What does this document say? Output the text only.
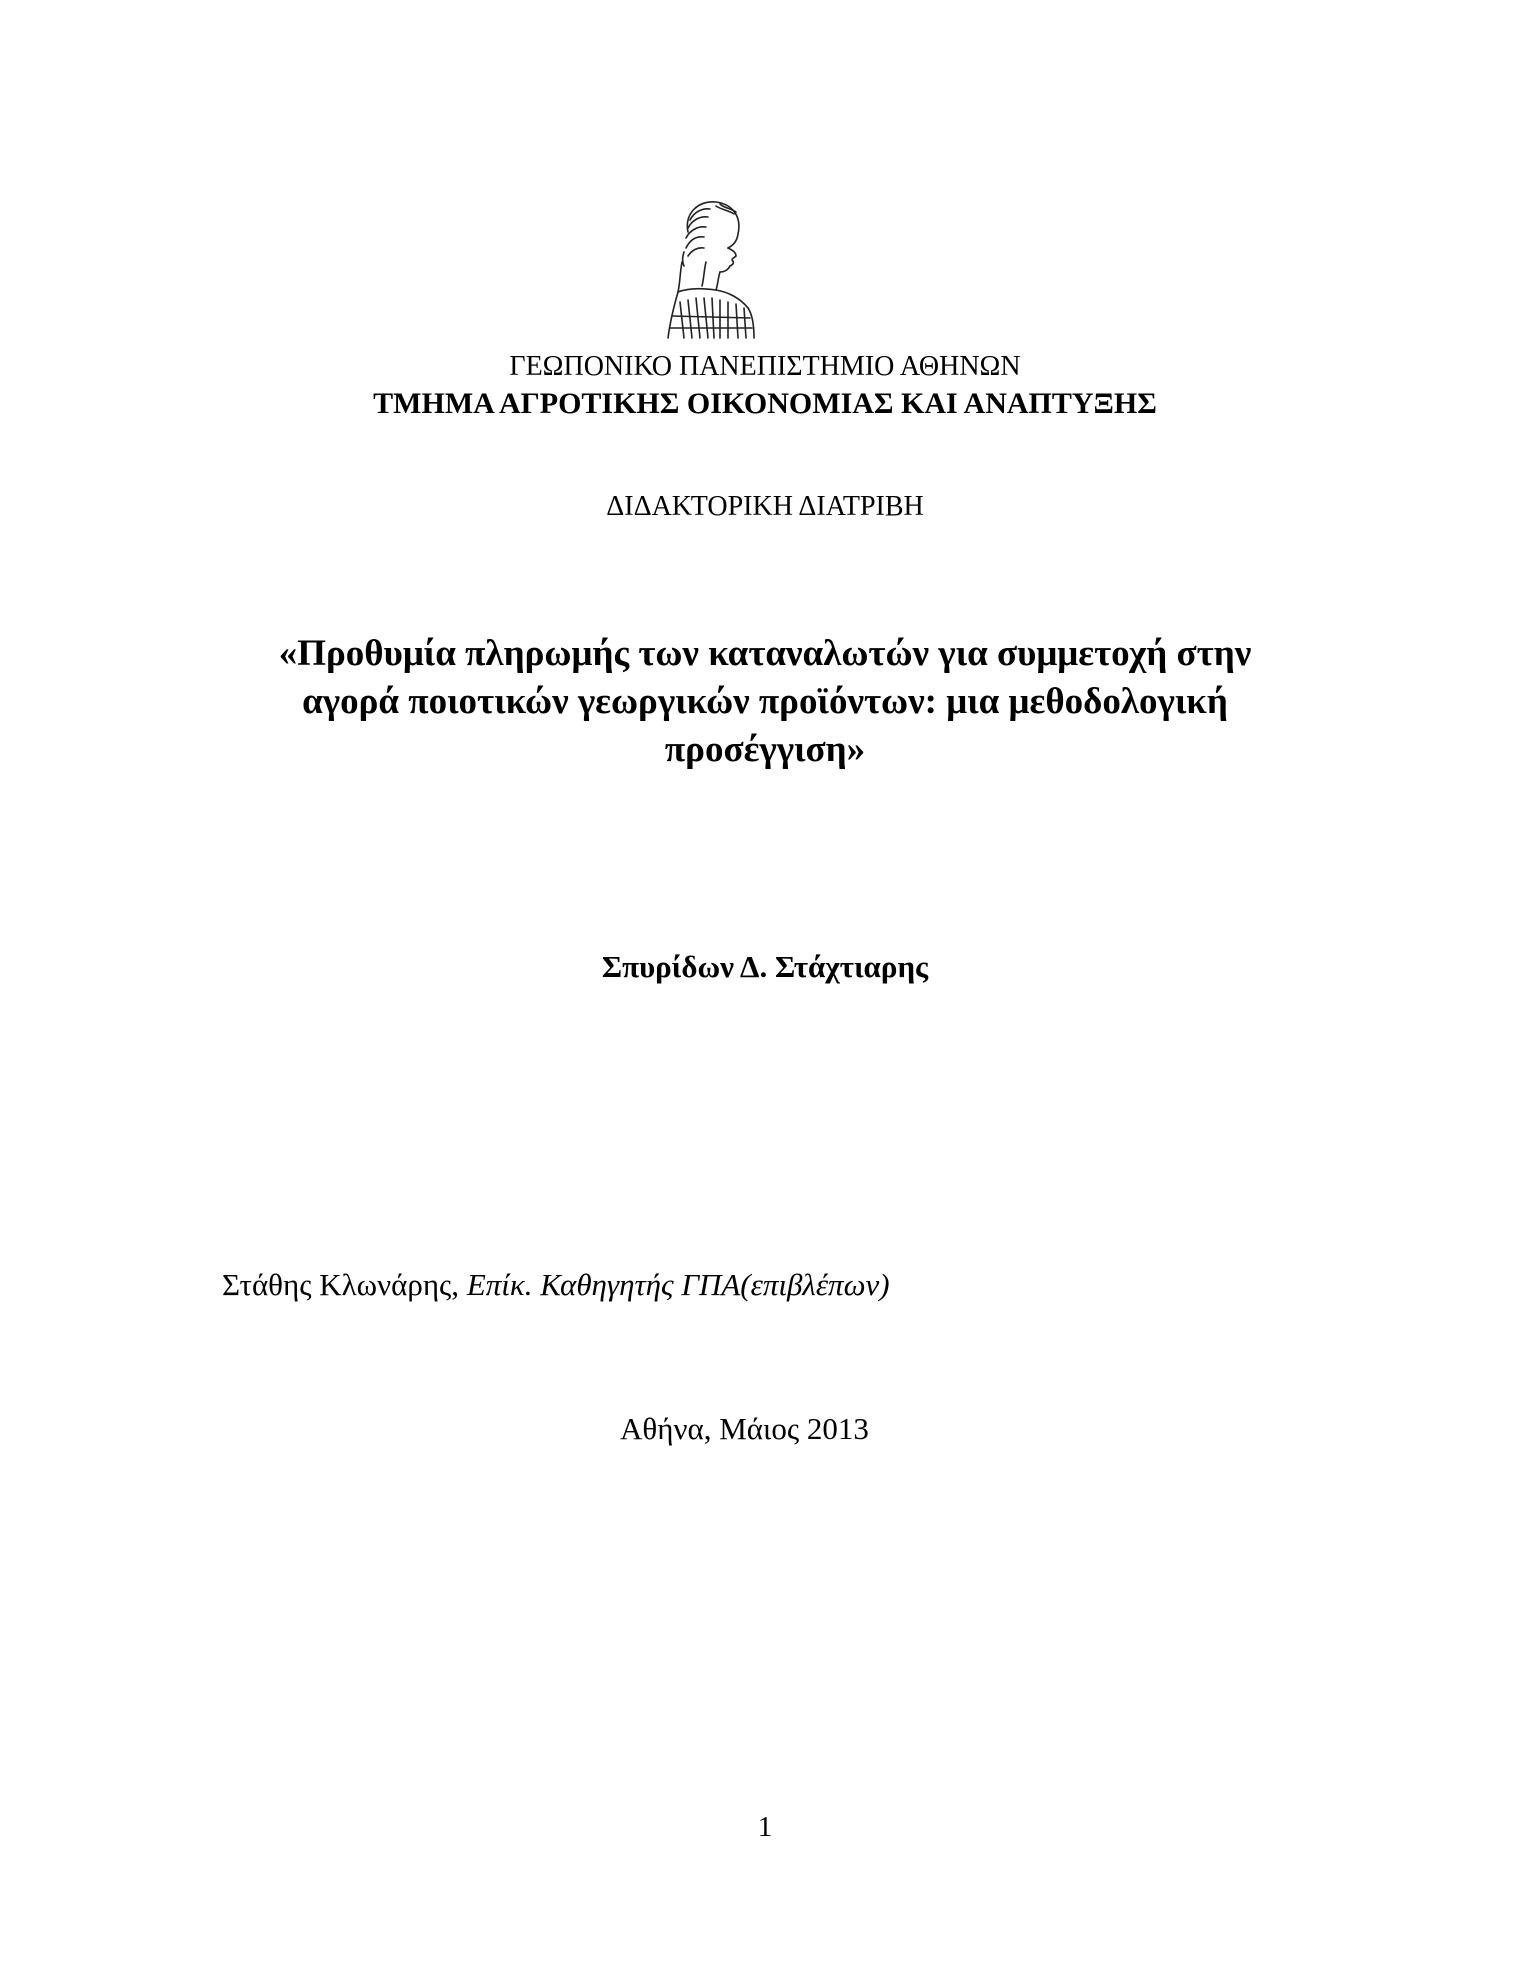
ΓΕΩΠΟΝΙΚΟ ΠΑΝΕΠΙΣΤΗΜΙΟ ΑΘΗΝΩΝ
ΤΜΗΜΑ ΑΓΡΟΤΙΚΗΣ ΟΙΚΟΝΟΜΙΑΣ ΚΑΙ ΑΝΑΠΤΥΞΗΣ
ΔΙΔΑΚΤΟΡΙΚΗ ΔΙΑΤΡΙΒΗ
«Προθυμία πληρωμής των καταναλωτών για συμμετοχή στην
αγορά ποιοτικών γεωργικών προϊόντων: μια μεθοδολογική
προσέγγιση»
Σπυρίδων Δ. Στάχτιαρης
Στάθης Κλωνάρης, Επίκ. Καθηγητής ΓΠΑ(επιβλέπων)
Αθήνα, Μάιος 2013
1
